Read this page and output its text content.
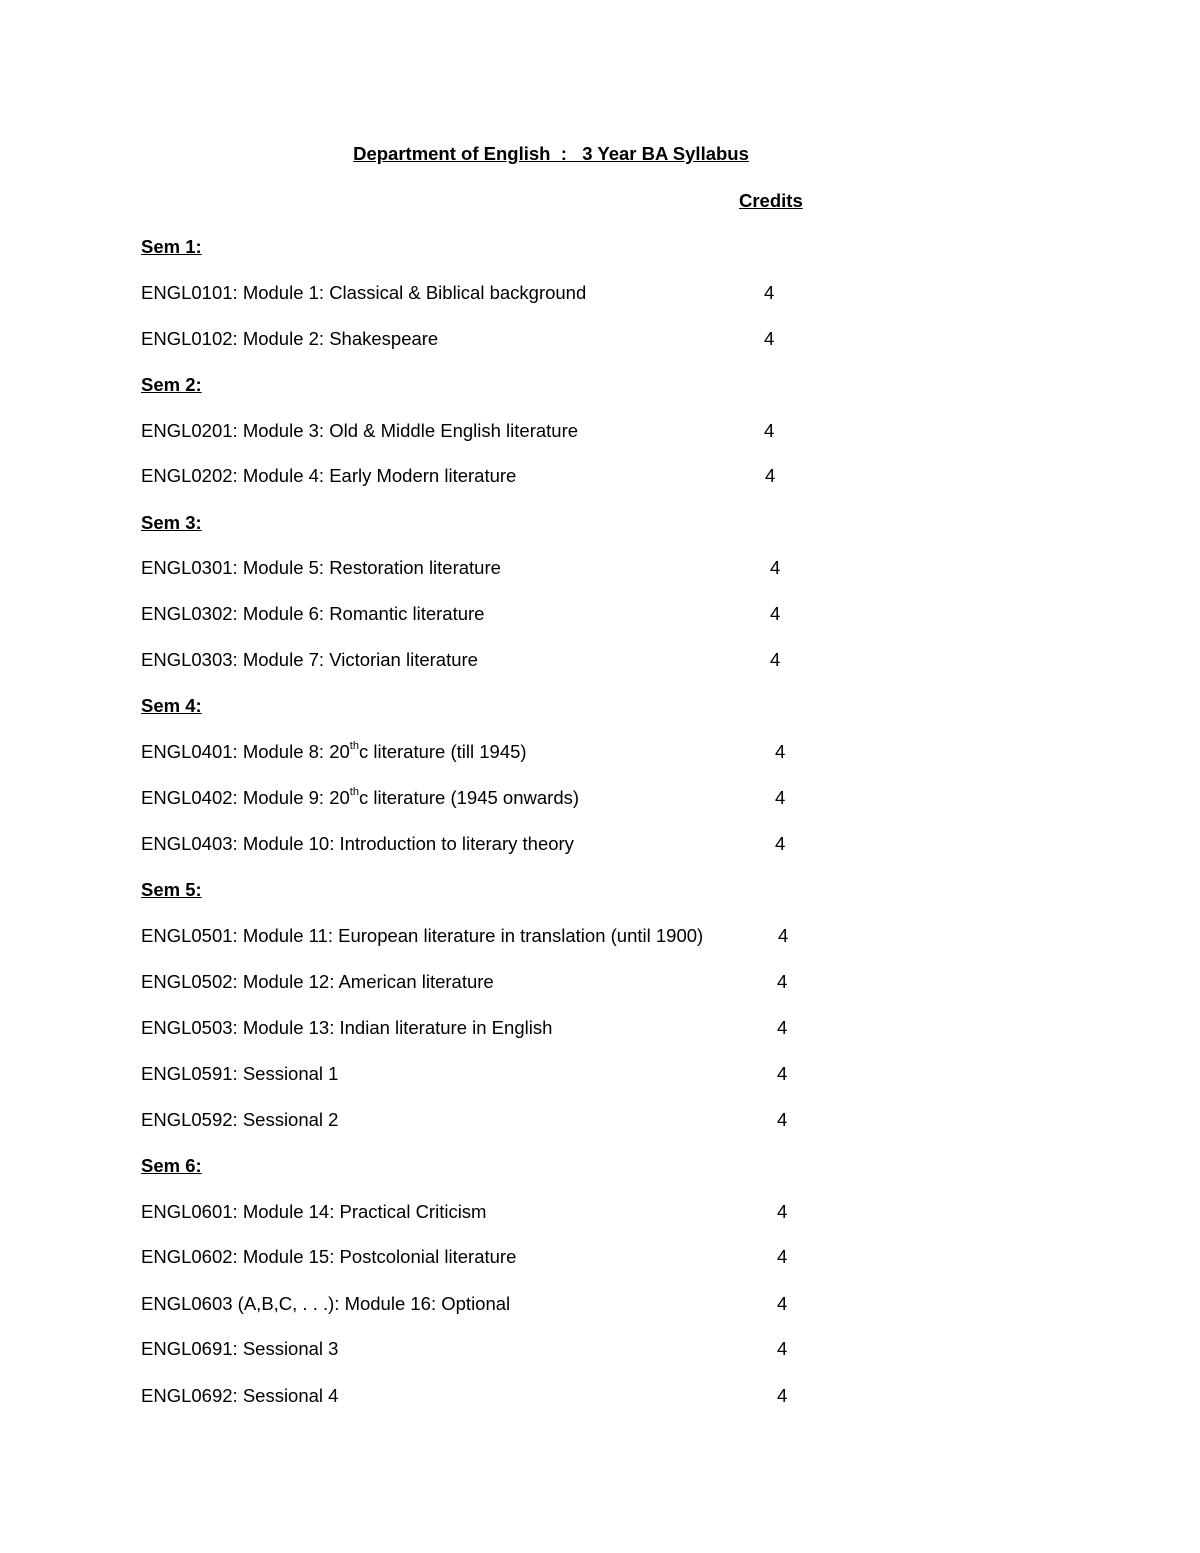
Department of English  :   3 Year BA Syllabus
Credits
Sem 1:
ENGL0101: Module 1: Classical & Biblical background	4
ENGL0102: Module 2: Shakespeare	4
Sem 2:
ENGL0201: Module 3: Old & Middle English literature	4
ENGL0202: Module 4: Early Modern literature	4
Sem 3:
ENGL0301: Module 5: Restoration literature	4
ENGL0302: Module 6: Romantic literature	4
ENGL0303: Module 7: Victorian literature	4
Sem 4:
ENGL0401: Module 8: 20thc literature (till 1945)	4
ENGL0402: Module 9: 20thc literature (1945 onwards)	4
ENGL0403: Module 10: Introduction to literary theory	4
Sem 5:
ENGL0501: Module 11: European literature in translation (until 1900)	4
ENGL0502: Module 12: American literature	4
ENGL0503: Module 13: Indian literature in English	4
ENGL0591: Sessional 1	4
ENGL0592: Sessional 2	4
Sem 6:
ENGL0601: Module 14: Practical Criticism	4
ENGL0602: Module 15: Postcolonial literature	4
ENGL0603 (A,B,C, . . .): Module 16: Optional	4
ENGL0691: Sessional 3	4
ENGL0692: Sessional 4	4
